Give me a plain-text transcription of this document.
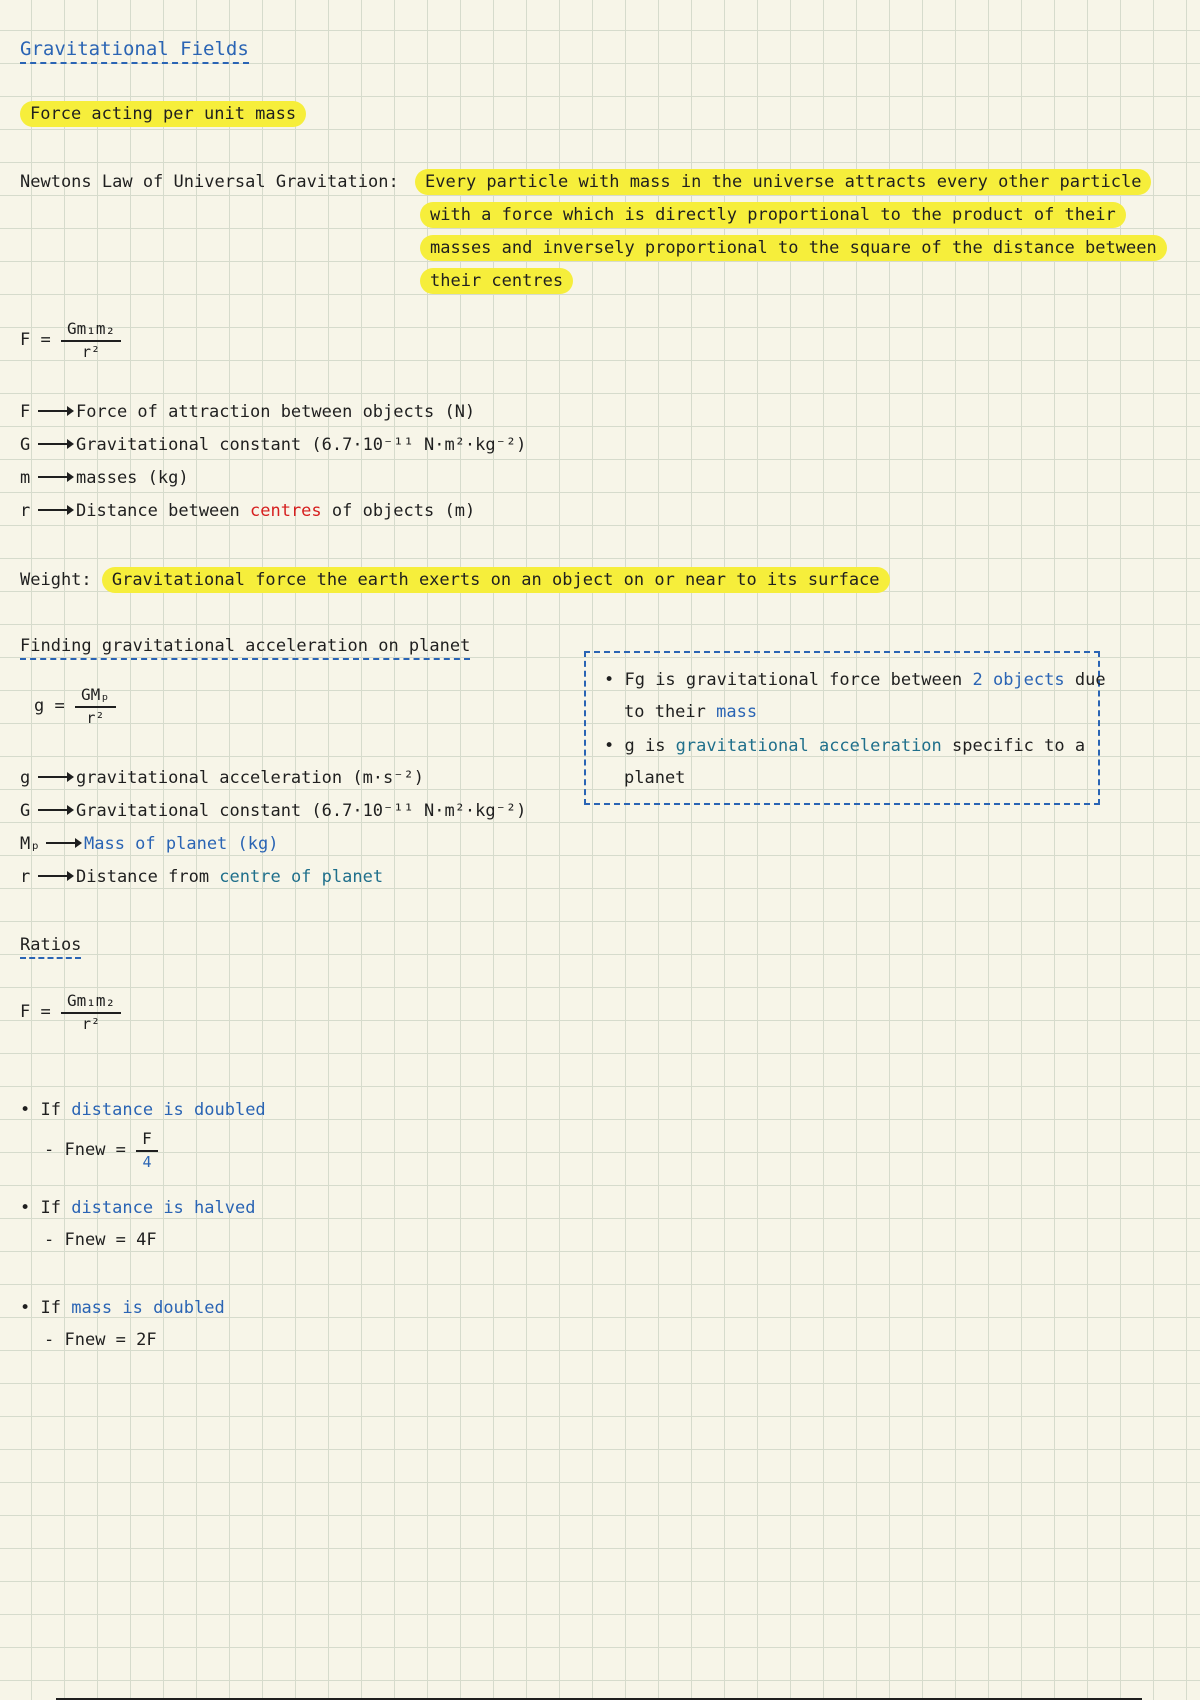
Gravitational Fields
Force acting per unit mass
Newtons Law of Universal Gravitation:	Every particle with mass in the universe attracts every other particle
with a force which is directly proportional to the product of their
masses and inversely proportional to the square of the distance between
their centres
$F = \frac{\text{Gm₁m₂}}{\text{r²}}$
F	Force of attraction between objects (N)
G	Gravitational constant (6.7·10⁻¹¹ N·m²·kg⁻²)
m	masses (kg)
r	Distance between centres of objects (m)
Weight: Gravitational force the earth exerts on an object on or near to its surface
Finding gravitational acceleration on planet
$g = \frac{\text{GMₚ}}{\text{r²}}$
g	gravitational acceleration (m·s⁻²)
G	Gravitational constant (6.7·10⁻¹¹ N·m²·kg⁻²)
Mₚ	Mass of planet (kg)
r	Distance from centre of planet
• Fg is gravitational force between 2 objects due
to their mass
• g is gravitational acceleration specific to a
planet
Ratios
$F = \frac{\text{Gm₁m₂}}{\text{r²}}$
• If distance is doubled
- Fnew = $\frac{F}{4}$
• If distance is halved
- Fnew = 4F
• If mass is doubled
- Fnew = 2F
